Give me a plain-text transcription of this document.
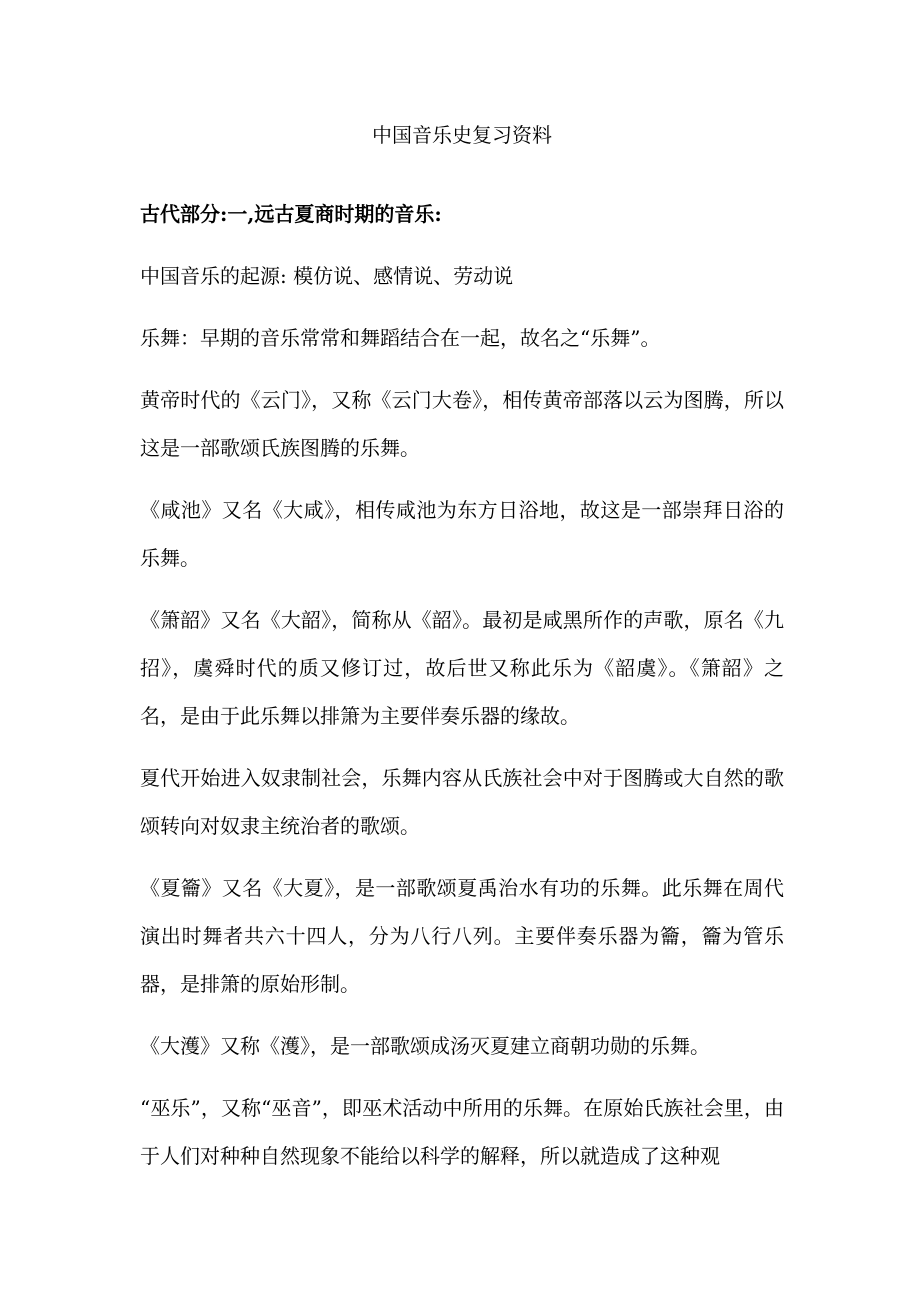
中国音乐史复习资料

古代部分:一,远古夏商时期的音乐:

中国音乐的起源: 模仿说、感情说、劳动说

乐舞：早期的音乐常常和舞蹈结合在一起，故名之“乐舞”。

黄帝时代的《云门》，又称《云门大卷》，相传黄帝部落以云为图腾，所以这是一部歌颂氏族图腾的乐舞。

《咸池》又名《大咸》，相传咸池为东方日浴地，故这是一部崇拜日浴的乐舞。

《箫韶》又名《大韶》，简称从《韶》。最初是咸黑所作的声歌，原名《九招》，虞舜时代的质又修订过，故后世又称此乐为《韶虞》。《箫韶》之名，是由于此乐舞以排箫为主要伴奏乐器的缘故。

夏代开始进入奴隶制社会，乐舞内容从氏族社会中对于图腾或大自然的歌颂转向对奴隶主统治者的歌颂。

《夏籥》又名《大夏》，是一部歌颂夏禹治水有功的乐舞。此乐舞在周代演出时舞者共六十四人，分为八行八列。主要伴奏乐器为籥，籥为管乐器，是排箫的原始形制。

《大濩》又称《濩》，是一部歌颂成汤灭夏建立商朝功勋的乐舞。

“巫乐”，又称“巫音”，即巫术活动中所用的乐舞。在原始氏族社会里，由于人们对种种自然现象不能给以科学的解释，所以就造成了这种观
